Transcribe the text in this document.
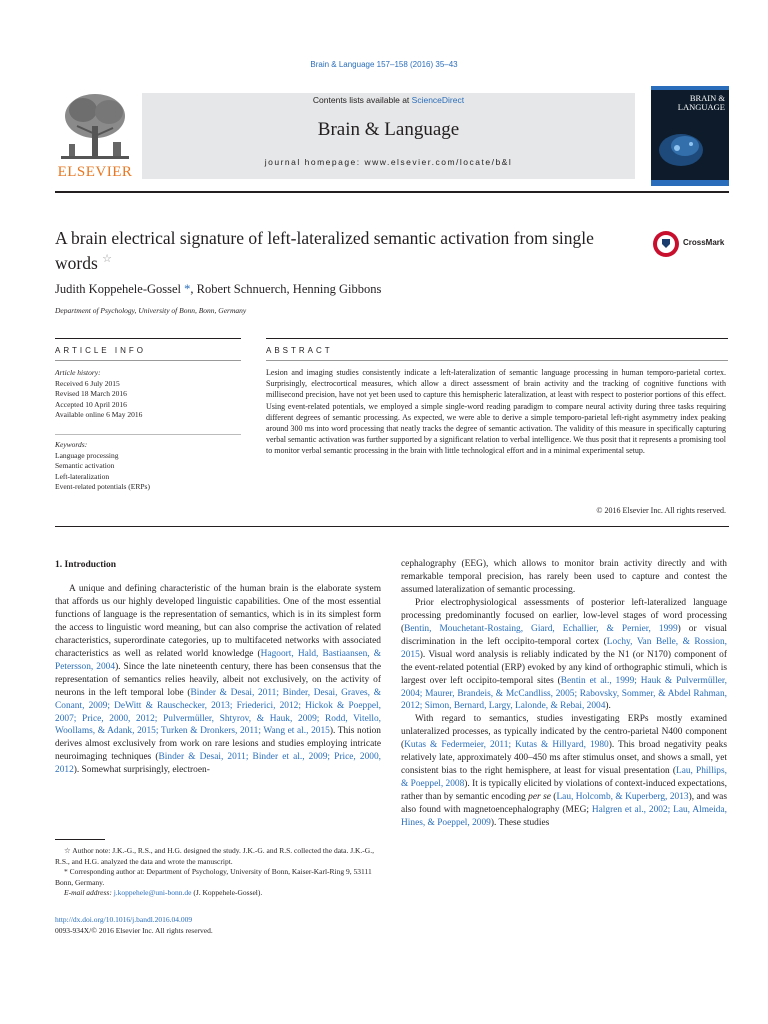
Brain & Language 157–158 (2016) 35–43
ELSEVIER
Contents lists available at ScienceDirect
Brain & Language
journal homepage: www.elsevier.com/locate/b&l
BRAIN &
LANGUAGE
A brain electrical signature of left-lateralized semantic activation from single words ☆
CrossMark
Judith Koppehele-Gossel *, Robert Schnuerch, Henning Gibbons
Department of Psychology, University of Bonn, Bonn, Germany
ARTICLE INFO	ABSTRACT
Article history:
Received 6 July 2015
Revised 18 March 2016
Accepted 10 April 2016
Available online 6 May 2016
Keywords:
Language processing
Semantic activation
Left-lateralization
Event-related potentials (ERPs)
Lesion and imaging studies consistently indicate a left-lateralization of semantic language processing in human temporo-parietal cortex. Surprisingly, electrocortical measures, which allow a direct assessment of brain activity and the tracking of cognitive functions with millisecond precision, have not yet been used to capture this hemispheric lateralization, at least with respect to posterior portions of this effect. Using event-related potentials, we employed a simple single-word reading paradigm to compare neural activity during three tasks requiring different degrees of semantic processing. As expected, we were able to derive a simple temporo-parietal left-right asymmetry index peaking around 300 ms into word processing that neatly tracks the degree of semantic activation. The validity of this measure in specifically capturing verbal semantic activation was further supported by a significant relation to verbal intelligence. We thus posit that it represents a promising tool to monitor verbal semantic processing in the brain with little technological effort and in a minimal experimental setup.
© 2016 Elsevier Inc. All rights reserved.
1. Introduction

A unique and defining characteristic of the human brain is the elaborate system that affords us our highly developed linguistic capabilities. One of the most essential functions of language is the representation of semantics, which is in its simplest form the access to linguistic word meaning, but can also comprise the activation of related characteristics, superordinate categories, up to multifaceted networks with associated characteristics as well as related world knowledge (Hagoort, Hald, Bastiaansen, & Petersson, 2004). Since the late nineteenth century, there has been consensus that the representation of semantics relies heavily, albeit not exclusively, on the activity of neurons in the left temporal lobe (Binder & Desai, 2011; Binder, Desai, Graves, & Conant, 2009; DeWitt & Rauschecker, 2013; Friederici, 2012; Hickok & Poeppel, 2007; Price, 2000, 2012; Pulvermüller, Shtyrov, & Hauk, 2009; Rodd, Vitello, Woollams, & Adank, 2015; Turken & Dronkers, 2011; Wang et al., 2015). This notion derives almost exclusively from work on rare lesions and studies employing intricate neuroimaging techniques (Binder & Desai, 2011; Binder et al., 2009; Price, 2000, 2012). Somewhat surprisingly, electroen-

cephalography (EEG), which allows to monitor brain activity directly and with remarkable temporal precision, has rarely been used to capture and contest the assumed lateralization of semantic processing.

Prior electrophysiological assessments of posterior left-lateralized language processing predominantly focused on earlier, low-level stages of word processing (Bentin, Mouchetant-Rostaing, Giard, Echallier, & Pernier, 1999) or visual discrimination in the left occipito-temporal cortex (Lochy, Van Belle, & Rossion, 2015). Visual word analysis is reliably indicated by the N1 (or N170) component of the event-related potential (ERP) evoked by any kind of orthographic stimuli, which is largest over left occipito-temporal sites (Bentin et al., 1999; Hauk & Pulvermüller, 2004; Maurer, Brandeis, & McCandliss, 2005; Rabovsky, Sommer, & Abdel Rahman, 2012; Simon, Bernard, Largy, Lalonde, & Rebai, 2004).

With regard to semantics, studies investigating ERPs mostly examined unlateralized processes, as typically indicated by the centro-parietal N400 component (Kutas & Federmeier, 2011; Kutas & Hillyard, 1980). This broad negativity peaks relatively late, approximately 400–450 ms after stimulus onset, and shows a small, yet consistent bias to the right hemisphere, at least for visual presentation (Lau, Phillips, & Poeppel, 2008). It is typically elicited by violations of context-induced expectations, rather than by semantic encoding per se (Lau, Holcomb, & Kuperberg, 2013), and was also found with magnetoencephalography (MEG; Halgren et al., 2002; Lau, Almeida, Hines, & Poeppel, 2009). These studies

☆ Author note: J.K.-G., R.S., and H.G. designed the study. J.K.-G. and R.S. collected the data. J.K.-G., R.S., and H.G. analyzed the data and wrote the manuscript.

* Corresponding author at: Department of Psychology, University of Bonn, Kaiser-Karl-Ring 9, 53111 Bonn, Germany.

E-mail address: j.koppehele@uni-bonn.de (J. Koppehele-Gossel).

http://dx.doi.org/10.1016/j.bandl.2016.04.009
0093-934X/© 2016 Elsevier Inc. All rights reserved.
